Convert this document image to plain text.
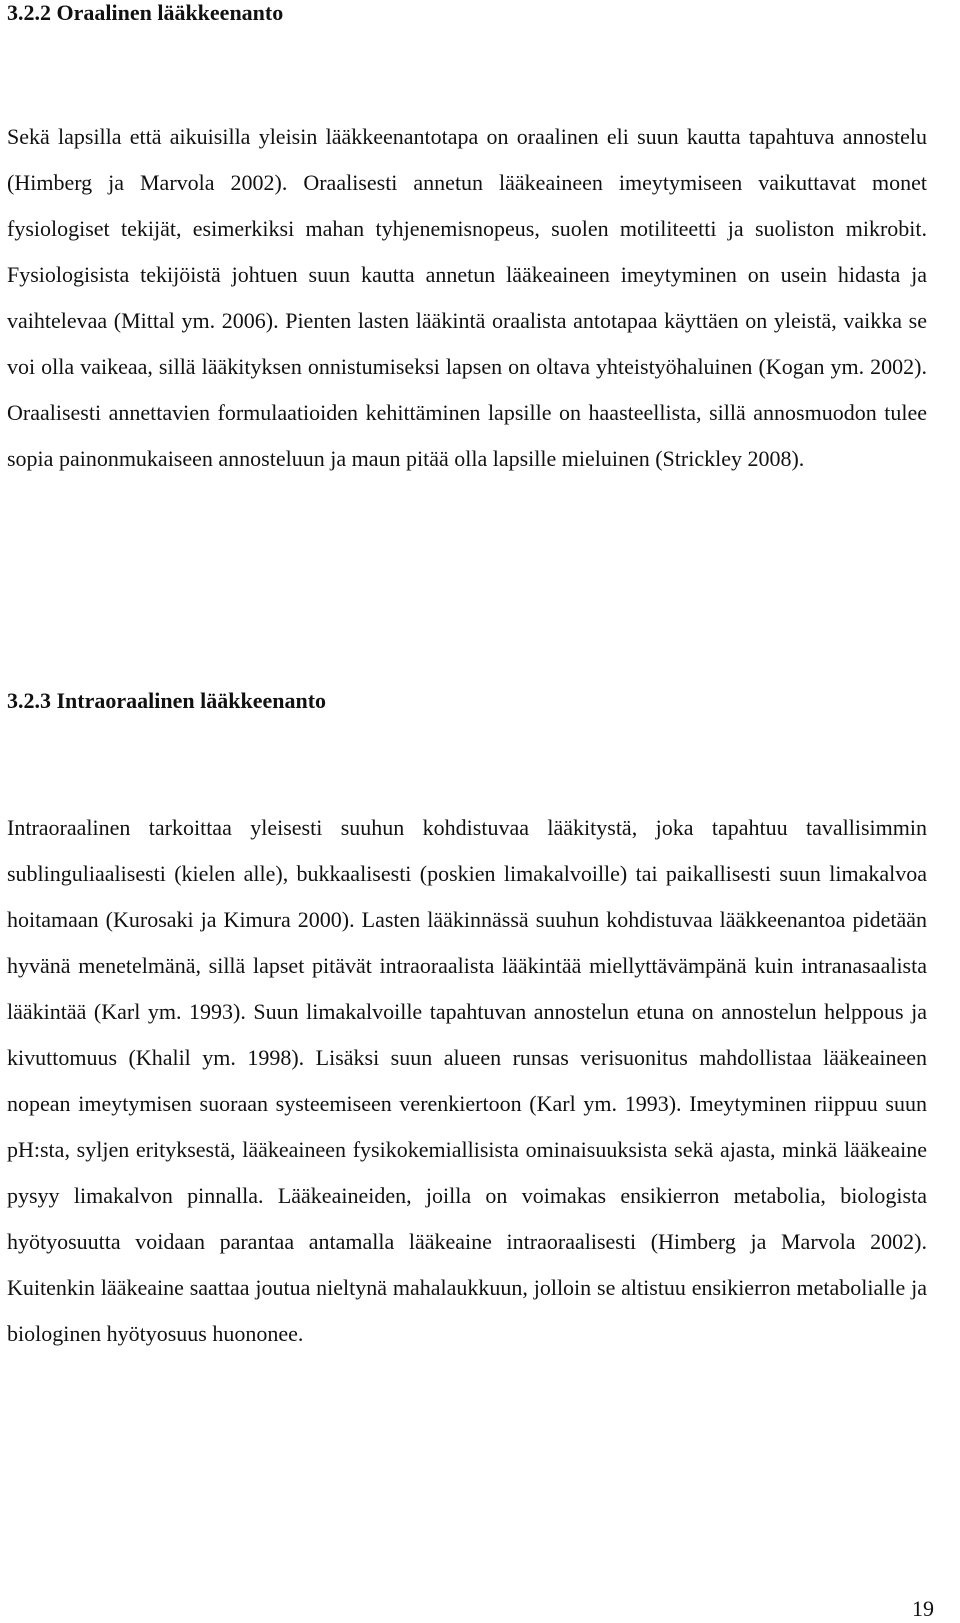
3.2.2 Oraalinen lääkkeenanto

Sekä lapsilla että aikuisilla yleisin lääkkeenantotapa on oraalinen eli suun kautta tapahtuva annostelu (Himberg ja Marvola 2002). Oraalisesti annetun lääkeaineen imeytymiseen vaikuttavat monet fysiologiset tekijät, esimerkiksi mahan tyhjenemisnopeus, suolen motiliteetti ja suoliston mikrobit. Fysiologisista tekijöistä johtuen suun kautta annetun lääkeaineen imeytyminen on usein hidasta ja vaihtelevaa (Mittal ym. 2006). Pienten lasten lääkintä oraalista antotapaa käyttäen on yleistä, vaikka se voi olla vaikeaa, sillä lääkityksen onnistumiseksi lapsen on oltava yhteistyöhaluinen (Kogan ym. 2002). Oraalisesti annettavien formulaatioiden kehittäminen lapsille on haasteellista, sillä annosmuodon tulee sopia painonmukaiseen annosteluun ja maun pitää olla lapsille mieluinen (Strickley 2008).

3.2.3 Intraoraalinen lääkkeenanto

Intraoraalinen tarkoittaa yleisesti suuhun kohdistuvaa lääkitystä, joka tapahtuu tavallisimmin sublinguliaalisesti (kielen alle), bukkaalisesti (poskien limakalvoille) tai paikallisesti suun limakalvoa hoitamaan (Kurosaki ja Kimura 2000). Lasten lääkinnässä suuhun kohdistuvaa lääkkeenantoa pidetään hyvänä menetelmänä, sillä lapset pitävät intraoraalista lääkintää miellyttävämpänä kuin intranasaalista lääkintää (Karl ym. 1993). Suun limakalvoille tapahtuvan annostelun etuna on annostelun helppous ja kivuttomuus (Khalil ym. 1998). Lisäksi suun alueen runsas verisuonitus mahdollistaa lääkeaineen nopean imeytymisen suoraan systeemiseen verenkiertoon (Karl ym. 1993). Imeytyminen riippuu suun pH:sta, syljen erityksestä, lääkeaineen fysikokemiallisista ominaisuuksista sekä ajasta, minkä lääkeaine pysyy limakalvon pinnalla. Lääkeaineiden, joilla on voimakas ensikierron metabolia, biologista hyötyosuutta voidaan parantaa antamalla lääkeaine intraoraalisesti (Himberg ja Marvola 2002). Kuitenkin lääkeaine saattaa joutua nieltynä mahalaukkuun, jolloin se altistuu ensikierron metabolialle ja biologinen hyötyosuus huononee.

19
